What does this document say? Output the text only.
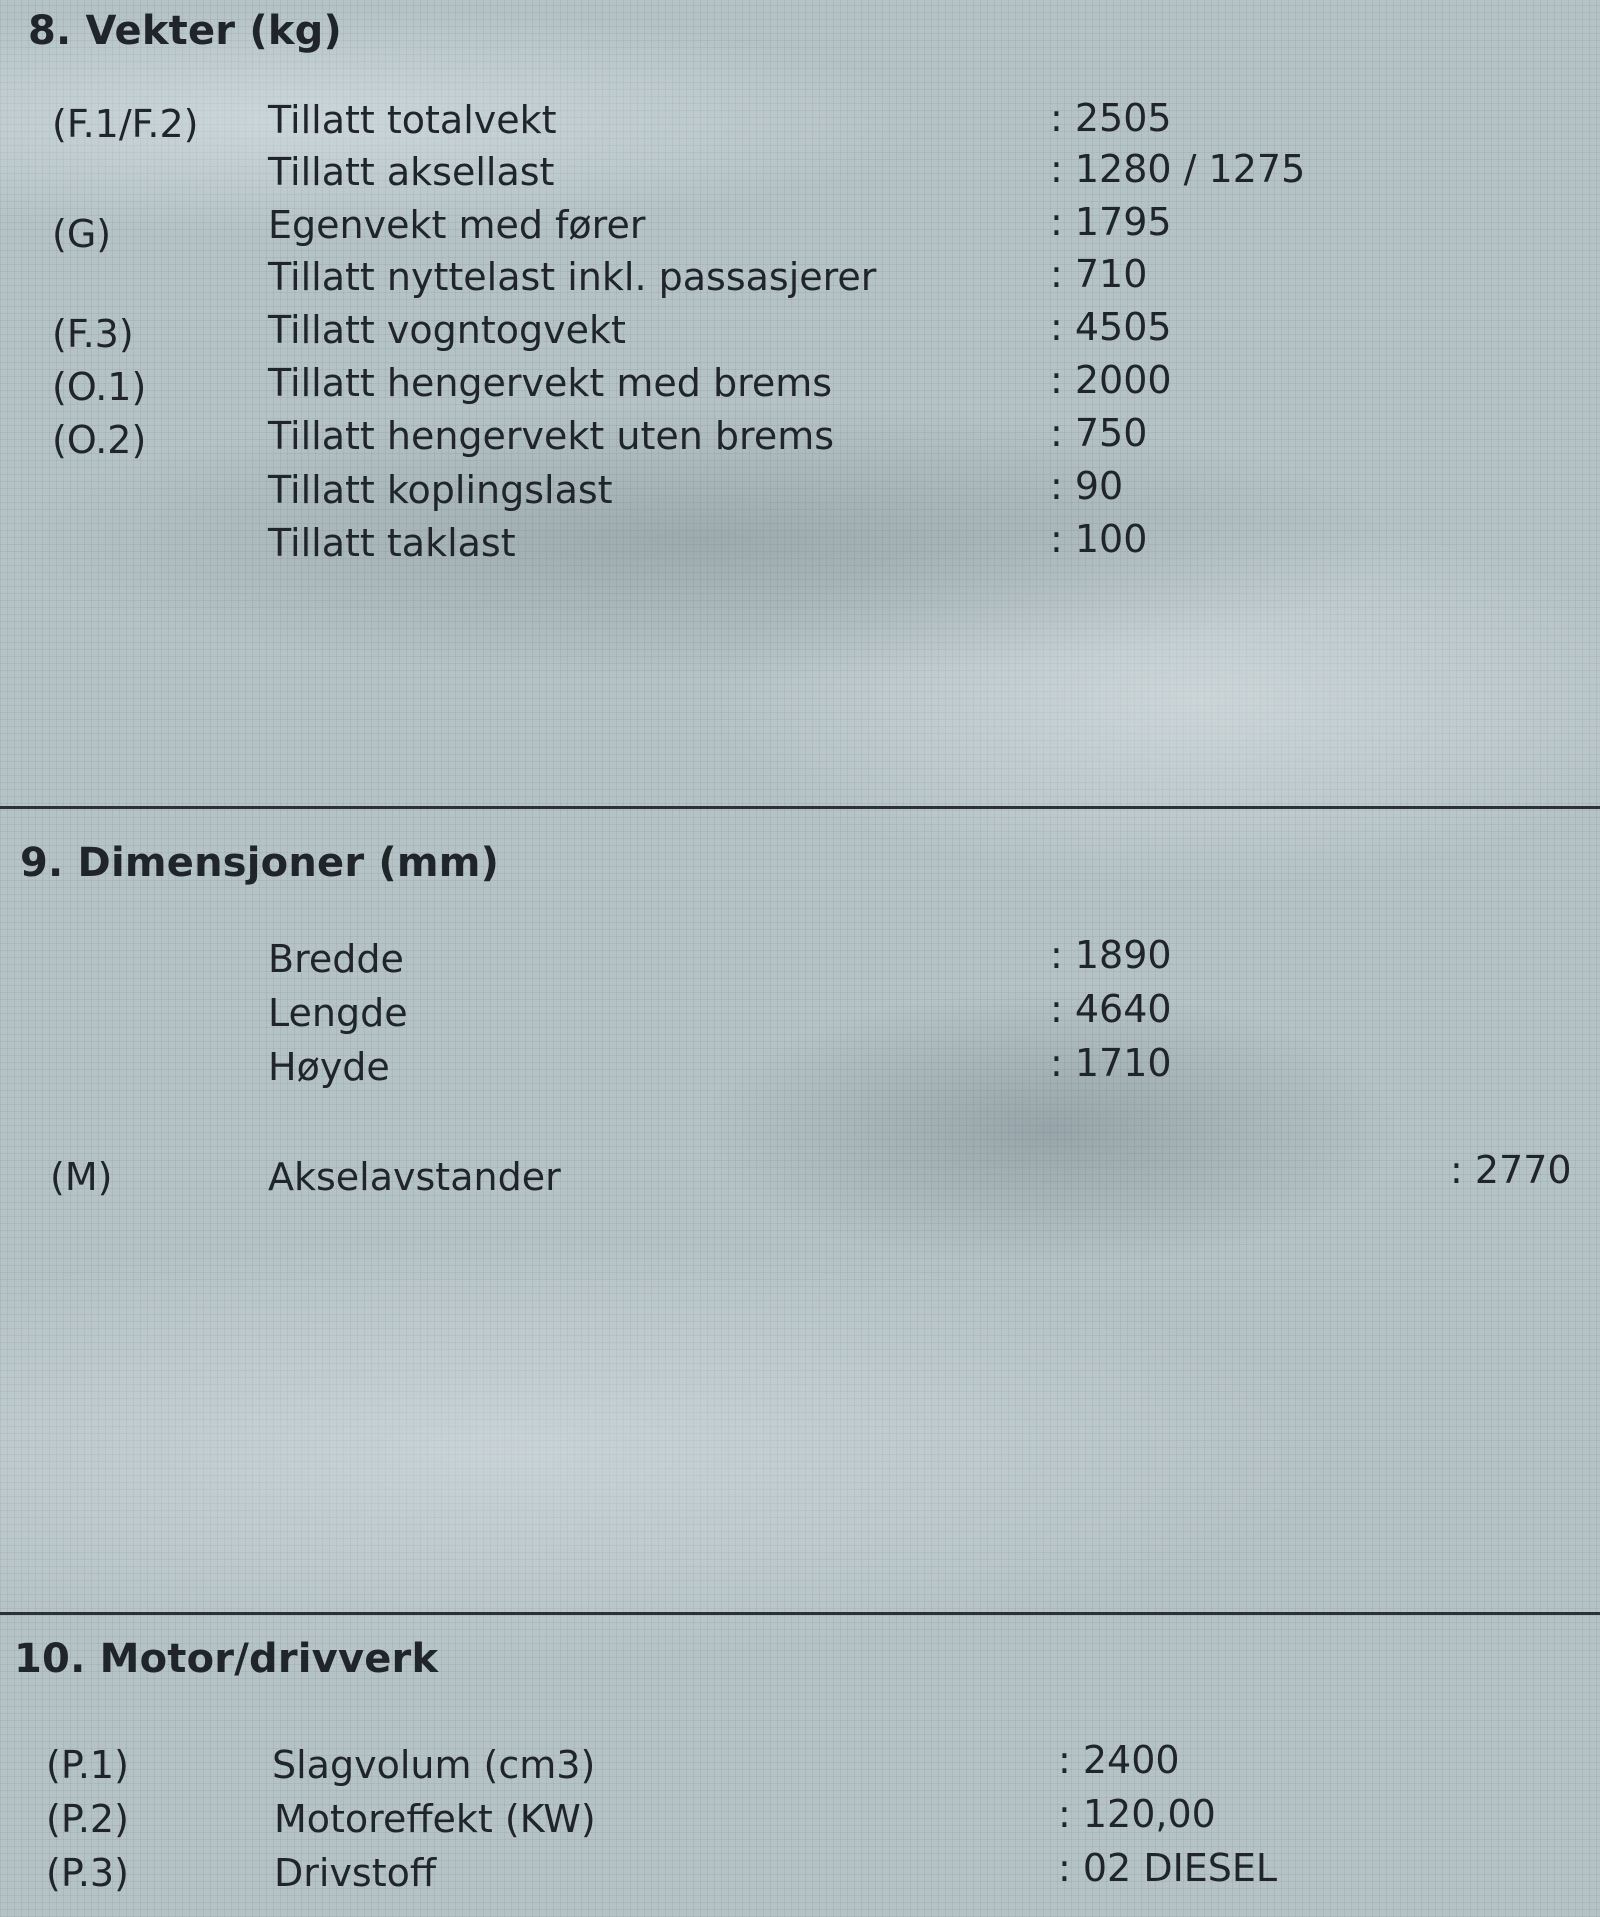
8. Vekter (kg)
(F.1/F.2) Tillatt totalvekt	: 2505
Tillatt aksellast	: 1280 / 1275
(G)	Egenvekt med fører	: 1795
Tillatt nyttelast inkl. passasjerer	: 710
(F.3)	Tillatt vogntogvekt	: 4505
(O.1)	Tillatt hengervekt med brems	: 2000
(O.2)	Tillatt hengervekt uten brems	: 750
Tillatt koplingslast	: 90
Tillatt taklast	: 100
9. Dimensjoner (mm)
Bredde	: 1890
Lengde	: 4640
Høyde	: 1710
(M)	Akselavstander	: 2770
10. Motor/drivverk
(P.1)	Slagvolum (cm3)	: 2400
(P.2)	Motoreffekt (KW)	: 120,00
(P.3)	Drivstoff	: 02 DIESEL
